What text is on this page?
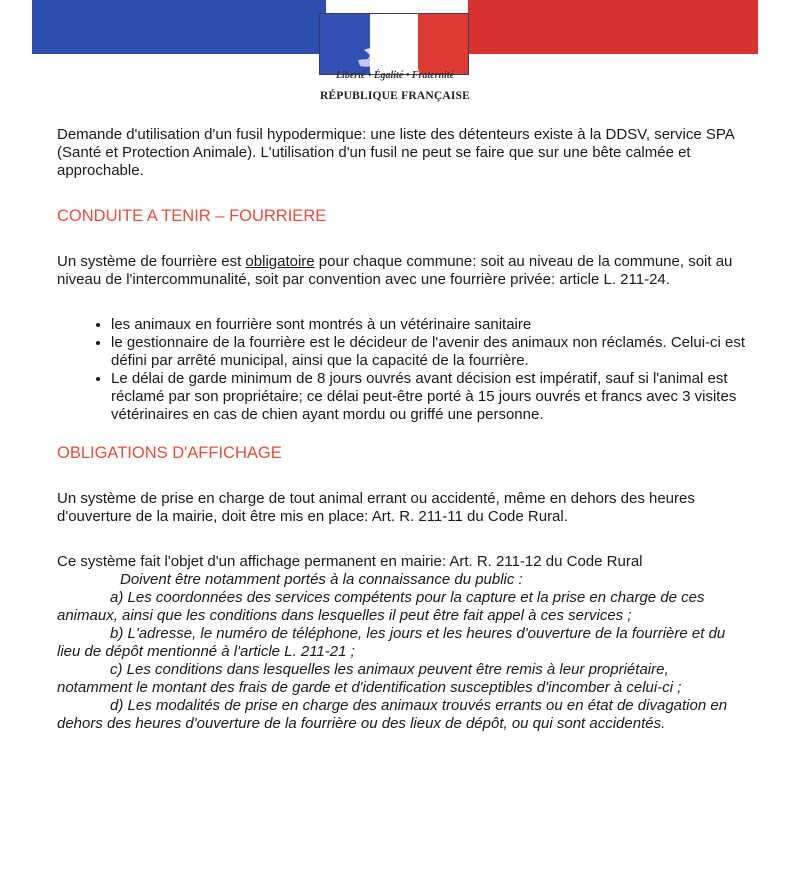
Liberté • Égalité • Fraternité
RÉPUBLIQUE FRANÇAISE

Demande d'utilisation d'un fusil hypodermique: une liste des détenteurs existe à la DDSV, service SPA (Santé et Protection Animale). L'utilisation d'un fusil ne peut se faire que sur une bête calmée et approchable.

CONDUITE A TENIR – FOURRIERE

Un système de fourrière est obligatoire pour chaque commune: soit au niveau de la commune, soit au niveau de l'intercommunalité, soit par convention avec une fourrière privée: article L. 211-24.

• les animaux en fourrière sont montrés à un vétérinaire sanitaire
• le gestionnaire de la fourrière est le décideur de l'avenir des animaux non réclamés. Celui-ci est défini par arrêté municipal, ainsi que la capacité de la fourrière.
• Le délai de garde minimum de 8 jours ouvrés avant décision est impératif, sauf si l'animal est réclamé par son propriétaire; ce délai peut-être porté à 15 jours ouvrés et francs avec 3 visites vétérinaires en cas de chien ayant mordu ou griffé une personne.

OBLIGATIONS D'AFFICHAGE

Un système de prise en charge de tout animal errant ou accidenté, même en dehors des heures d'ouverture de la mairie, doit être mis en place: Art. R. 211-11 du Code Rural.

Ce système fait l'objet d'un affichage permanent en mairie: Art. R. 211-12 du Code Rural

Doivent être notamment portés à la connaissance du public :

a) Les coordonnées des services compétents pour la capture et la prise en charge de ces animaux, ainsi que les conditions dans lesquelles il peut être fait appel à ces services ;

b) L'adresse, le numéro de téléphone, les jours et les heures d'ouverture de la fourrière et du lieu de dépôt mentionné à l'article L. 211-21 ;

c) Les conditions dans lesquelles les animaux peuvent être remis à leur propriétaire, notamment le montant des frais de garde et d'identification susceptibles d'incomber à celui-ci ;

d) Les modalités de prise en charge des animaux trouvés errants ou en état de divagation en dehors des heures d'ouverture de la fourrière ou des lieux de dépôt, ou qui sont accidentés.
